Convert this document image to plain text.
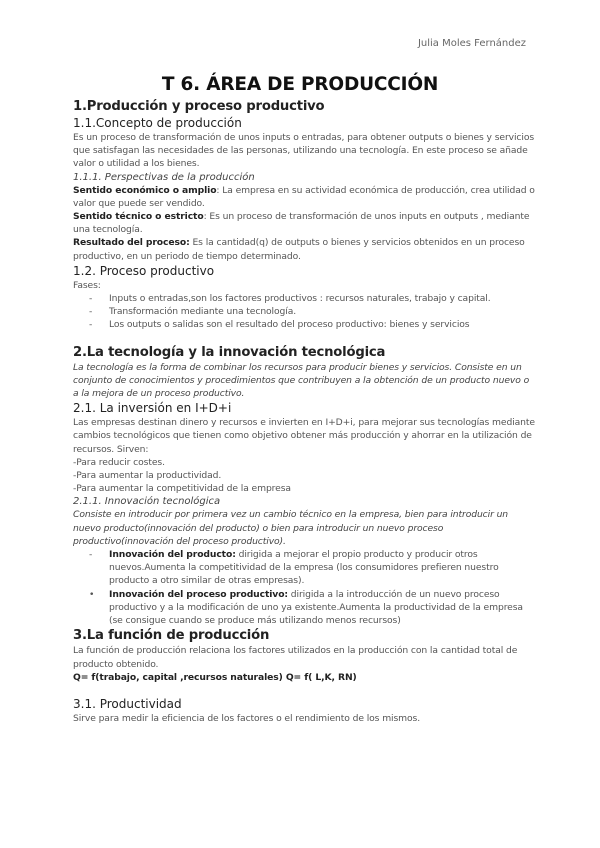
Julia Moles Fernández
T 6. ÁREA DE PRODUCCIÓN
1.Producción y proceso productivo
1.1.Concepto de producción

Es un proceso de transformación de unos inputs o entradas, para obtener outputs o bienes y servicios que satisfagan las necesidades de las personas, utilizando una tecnología. En este proceso se añade valor o utilidad a los bienes.

1.1.1. Perspectivas de la producción

Sentido económico o amplio: La empresa en su actividad económica de producción, crea utilidad o valor que puede ser vendido.

Sentido técnico o estricto: Es un proceso de transformación de unos inputs en outputs , mediante una tecnología.

Resultado del proceso: Es la cantidad(q) de outputs o bienes y servicios obtenidos en un proceso productivo, en un periodo de tiempo determinado.

1.2. Proceso productivo

Fases:

- Inputs o entradas,son los factores productivos : recursos naturales, trabajo y capital.
- Transformación mediante una tecnología.
- Los outputs o salidas son el resultado del proceso productivo: bienes y servicios
2.La tecnología y la innovación tecnológica

La tecnología es la forma de combinar los recursos para producir bienes y servicios. Consiste en un conjunto de conocimientos y procedimientos que contribuyen a la obtención de un producto nuevo o a la mejora de un proceso productivo.

2.1. La inversión en I+D+i

Las empresas destinan dinero y recursos e invierten en I+D+i, para mejorar sus tecnologías mediante cambios tecnológicos que tienen como objetivo obtener más producción y ahorrar en la utilización de recursos. Sirven:

-Para reducir costes.

-Para aumentar la productividad.

-Para aumentar la competitividad de la empresa

2.1.1. Innovación tecnológica

Consiste en introducir por primera vez un cambio técnico en la empresa, bien para introducir un nuevo producto(innovación del producto) o bien para introducir un nuevo proceso productivo(innovación del proceso productivo).

- Innovación del producto: dirigida a mejorar el propio producto y producir otros nuevos.Aumenta la competitividad de la empresa (los consumidores prefieren nuestro producto a otro similar de otras empresas).
• Innovación del proceso productivo: dirigida a la introducción de un nuevo proceso productivo y a la modificación de uno ya existente.Aumenta la productividad de la empresa (se consigue cuando se produce más utilizando menos recursos)
3.La función de producción

La función de producción relaciona los factores utilizados en la producción con la cantidad total de producto obtenido.

Q= f(trabajo, capital ,recursos naturales) Q= f( L,K, RN)

3.1. Productividad

Sirve para medir la eficiencia de los factores o el rendimiento de los mismos.
